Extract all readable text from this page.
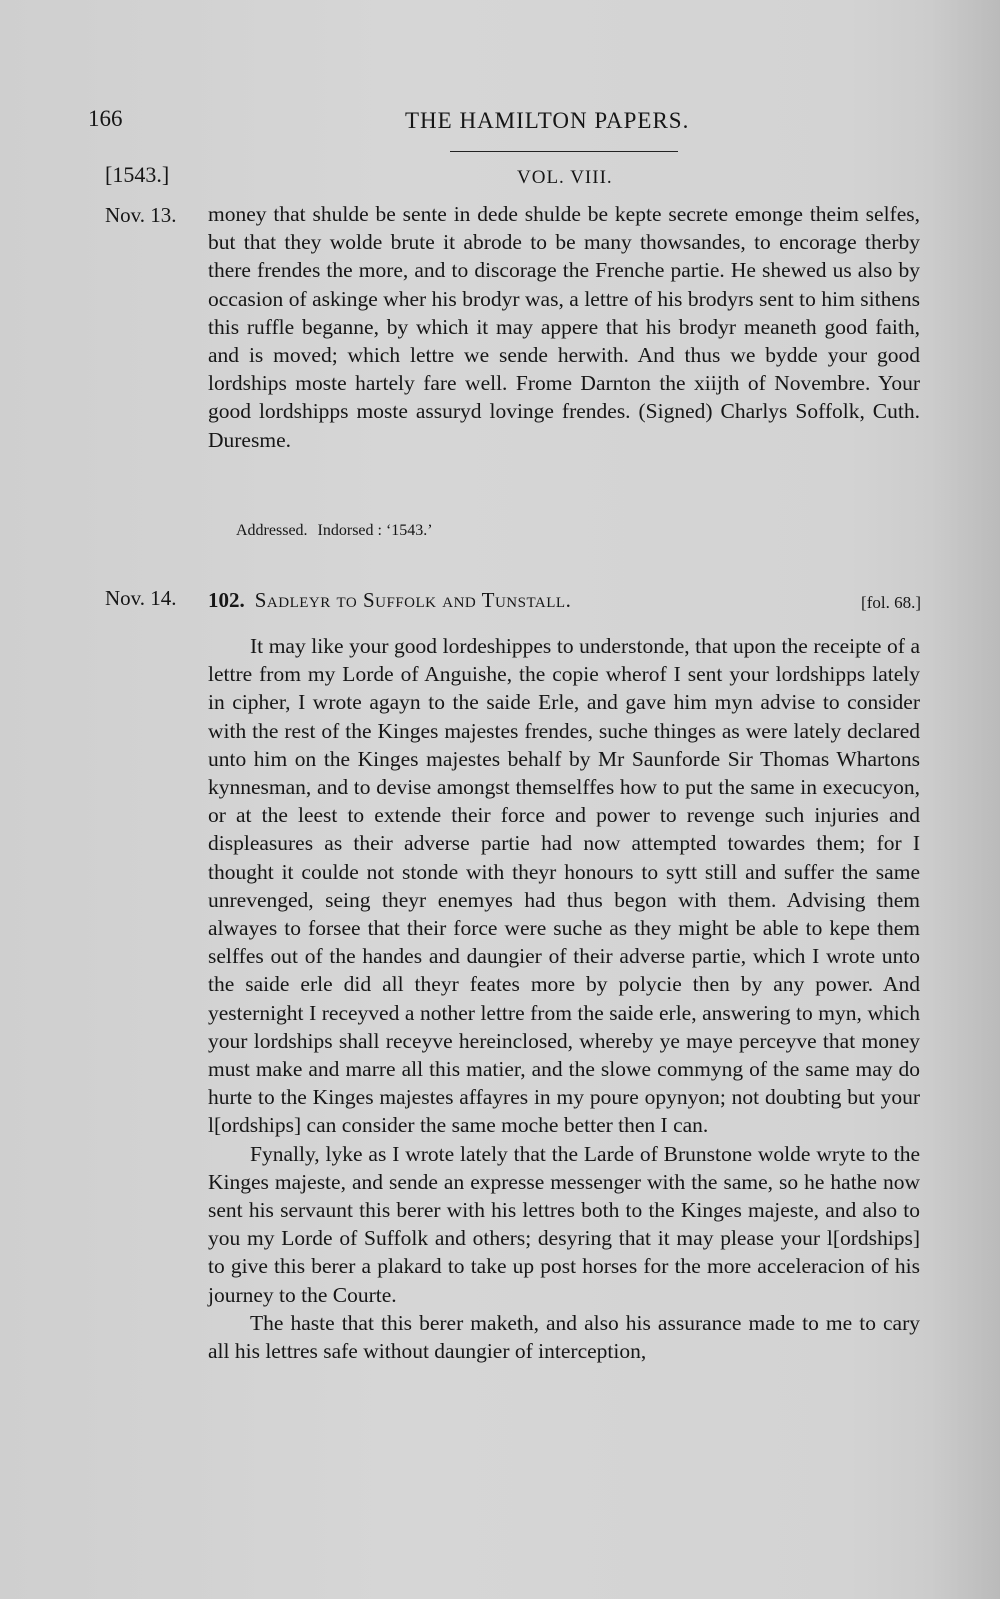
166	THE HAMILTON PAPERS.
[1543.]	VOL. VIII.
Nov. 13. money that shulde be sente in dede shulde be kepte secrete emonge theim selfes, but that they wolde brute it abrode to be many thowsandes, to encorage therby there frendes the more, and to discorage the Frenche partie. He shewed us also by occasion of askinge wher his brodyr was, a lettre of his brodyrs sent to him sithens this ruffle beganne, by which it may appere that his brodyr meaneth good faith, and is moved; which lettre we sende herwith. And thus we bydde your good lordships moste hartely fare well. Frome Darnton the xiijth of Novembre. Your good lordshipps moste assuryd lovinge frendes. (Signed) Charlys Soffolk, Cuth. Duresme.

Addressed. Indorsed : ‘1543.’
Nov. 14. 102. Sadleyr to Suffolk and Tunstall.	[fol. 68.]

It may like your good lordeshippes to understonde, that upon the receipte of a lettre from my Lorde of Anguishe, the copie wherof I sent your lordshipps lately in cipher, I wrote agayn to the saide Erle, and gave him myn advise to consider with the rest of the Kinges majestes frendes, suche thinges as were lately declared unto him on the Kinges majestes behalf by Mr Saunforde Sir Thomas Whartons kynnesman, and to devise amongst themselffes how to put the same in execucyon, or at the leest to extende their force and power to revenge such injuries and displeasures as their adverse partie had now attempted towardes them; for I thought it coulde not stonde with theyr honours to sytt still and suffer the same unrevenged, seing theyr enemyes had thus begon with them. Advising them alwayes to forsee that their force were suche as they might be able to kepe them selffes out of the handes and daungier of their adverse partie, which I wrote unto the saide erle did all theyr feates more by polycie then by any power. And yesternight I receyved a nother lettre from the saide erle, answering to myn, which your lordships shall receyve hereinclosed, whereby ye maye perceyve that money must make and marre all this matier, and the slowe commyng of the same may do hurte to the Kinges majestes affayres in my poure opynyon; not doubting but your l[ordships] can consider the same moche better then I can.

Fynally, lyke as I wrote lately that the Larde of Brunstone wolde wryte to the Kinges majeste, and sende an expresse messenger with the same, so he hathe now sent his servaunt this berer with his lettres both to the Kinges majeste, and also to you my Lorde of Suffolk and others; desyring that it may please your l[ordships] to give this berer a plakard to take up post horses for the more acceleracion of his journey to the Courte.

The haste that this berer maketh, and also his assurance made to me to cary all his lettres safe without daungier of interception,
